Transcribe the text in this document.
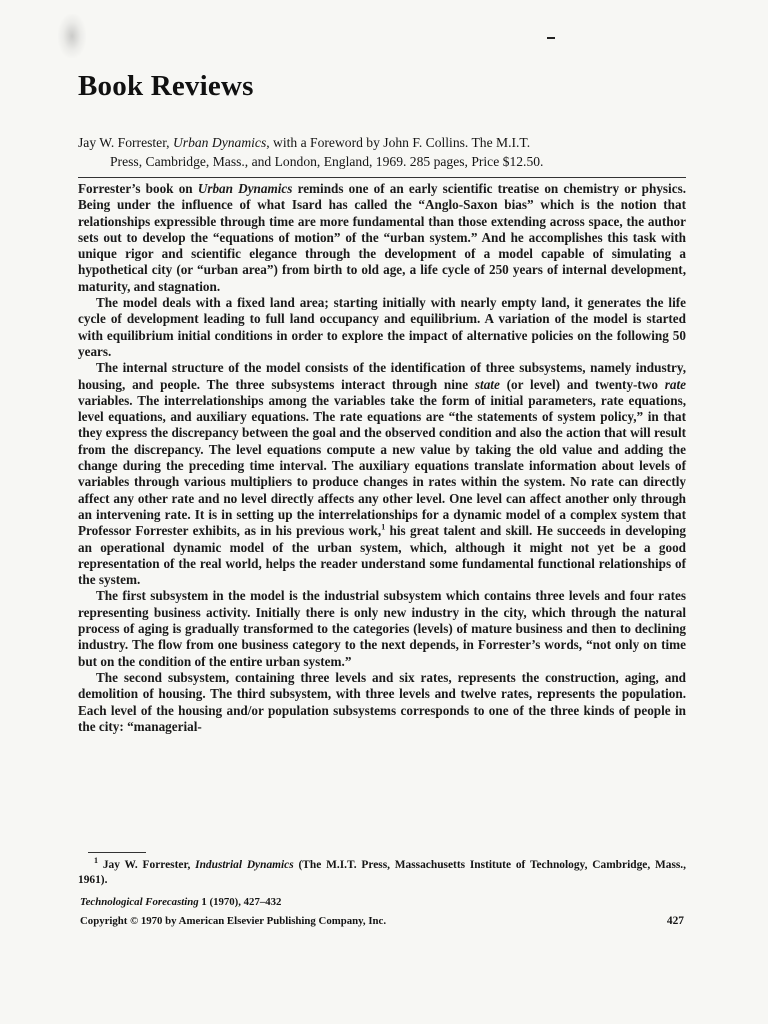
Book Reviews
Jay W. Forrester, Urban Dynamics, with a Foreword by John F. Collins. The M.I.T.
Press, Cambridge, Mass., and London, England, 1969. 285 pages, Price $12.50.

Forrester’s book on Urban Dynamics reminds one of an early scientific treatise on chemistry or physics. Being under the influence of what Isard has called the “Anglo-Saxon bias” which is the notion that relationships expressible through time are more fundamental than those extending across space, the author sets out to develop the “equations of motion” of the “urban system.” And he accomplishes this task with unique rigor and scientific elegance through the development of a model capable of simulating a hypothetical city (or “urban area”) from birth to old age, a life cycle of 250 years of internal development, maturity, and stagnation.

The model deals with a fixed land area; starting initially with nearly empty land, it generates the life cycle of development leading to full land occupancy and equilibrium. A variation of the model is started with equilibrium initial conditions in order to explore the impact of alternative policies on the following 50 years.

The internal structure of the model consists of the identification of three subsystems, namely industry, housing, and people. The three subsystems interact through nine state (or level) and twenty-two rate variables. The interrelationships among the variables take the form of initial parameters, rate equations, level equations, and auxiliary equations. The rate equations are “the statements of system policy,” in that they express the discrepancy between the goal and the observed condition and also the action that will result from the discrepancy. The level equations compute a new value by taking the old value and adding the change during the preceding time interval. The auxiliary equations translate information about levels of variables through various multipliers to produce changes in rates within the system. No rate can directly affect any other rate and no level directly affects any other level. One level can affect another only through an intervening rate. It is in setting up the interrelationships for a dynamic model of a complex system that Professor Forrester exhibits, as in his previous work,$^1$ his great talent and skill. He succeeds in developing an operational dynamic model of the urban system, which, although it might not yet be a good representation of the real world, helps the reader understand some fundamental functional relationships of the system.

The first subsystem in the model is the industrial subsystem which contains three levels and four rates representing business activity. Initially there is only new industry in the city, which through the natural process of aging is gradually transformed to the categories (levels) of mature business and then to declining industry. The flow from one business category to the next depends, in Forrester’s words, “not only on time but on the condition of the entire urban system.”

The second subsystem, containing three levels and six rates, represents the construction, aging, and demolition of housing. The third subsystem, with three levels and twelve rates, represents the population. Each level of the housing and/or population subsystems corresponds to one of the three kinds of people in the city: “managerial-

$^1$ Jay W. Forrester, Industrial Dynamics (The M.I.T. Press, Massachusetts Institute of Technology, Cambridge, Mass., 1961).
Technological Forecasting 1 (1970), 427–432
Copyright © 1970 by American Elsevier Publishing Company, Inc.	427
